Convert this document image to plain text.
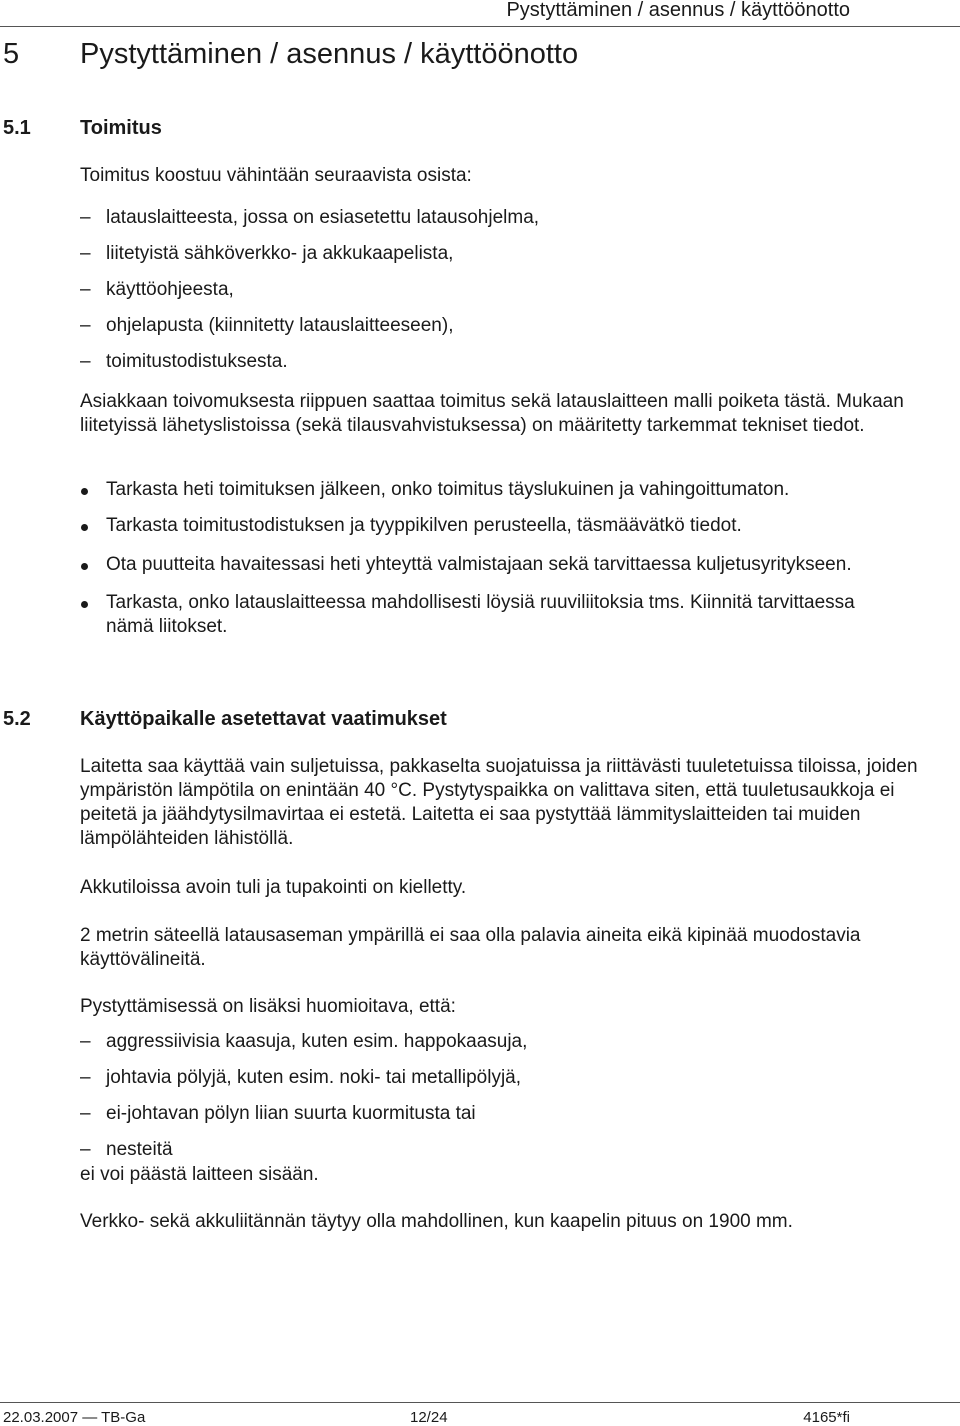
Pystyttäminen / asennus / käyttöönotto
5 Pystyttäminen / asennus / käyttöönotto
5.1 Toimitus
Toimitus koostuu vähintään seuraavista osista:
– latauslaitteesta, jossa on esiasetettu latausohjelma,
– liitetyistä sähköverkko- ja akkukaapelista,
– käyttöohjeesta,
– ohjelapusta (kiinnitetty latauslaitteeseen),
– toimitustodistuksesta.
Asiakkaan toivomuksesta riippuen saattaa toimitus sekä latauslaitteen malli poiketa tästä. Mukaan liitetyissä lähetyslistoissa (sekä tilausvahvistuksessa) on määritetty tarkemmat tekniset tiedot.
Tarkasta heti toimituksen jälkeen, onko toimitus täyslukuinen ja vahingoittumaton.
Tarkasta toimitustodistuksen ja tyyppikilven perusteella, täsmäävätkö tiedot.
Ota puutteita havaitessasi heti yhteyttä valmistajaan sekä tarvittaessa kuljetusyritykseen.
Tarkasta, onko latauslaitteessa mahdollisesti löysiä ruuviliitoksia tms. Kiinnitä tarvittaessa nämä liitokset.
5.2 Käyttöpaikalle asetettavat vaatimukset
Laitetta saa käyttää vain suljetuissa, pakkaselta suojatuissa ja riittävästi tuuletetuissa tiloissa, joiden ympäristön lämpötila on enintään 40 °C. Pystytyspaikka on valittava siten, että tuuletusaukkoja ei peitetä ja jäähdytysilmavirtaa ei estetä. Laitetta ei saa pystyttää lämmityslaitteiden tai muiden lämpölähteiden lähistöllä.
Akkutiloissa avoin tuli ja tupakointi on kielletty.
2 metrin säteellä latausaseman ympärillä ei saa olla palavia aineita eikä kipinää muodostavia käyttövälineitä.
Pystyttämisessä on lisäksi huomioitava, että:
– aggressiivisia kaasuja, kuten esim. happokaasuja,
– johtavia pölyjä, kuten esim. noki- tai metallipölyjä,
– ei-johtavan pölyn liian suurta kuormitusta tai
– nesteitä
ei voi päästä laitteen sisään.
Verkko- sekä akkuliitännän täytyy olla mahdollinen, kun kaapelin pituus on 1900 mm.
22.03.2007 — TB-Ga	12/24	4165*fi
